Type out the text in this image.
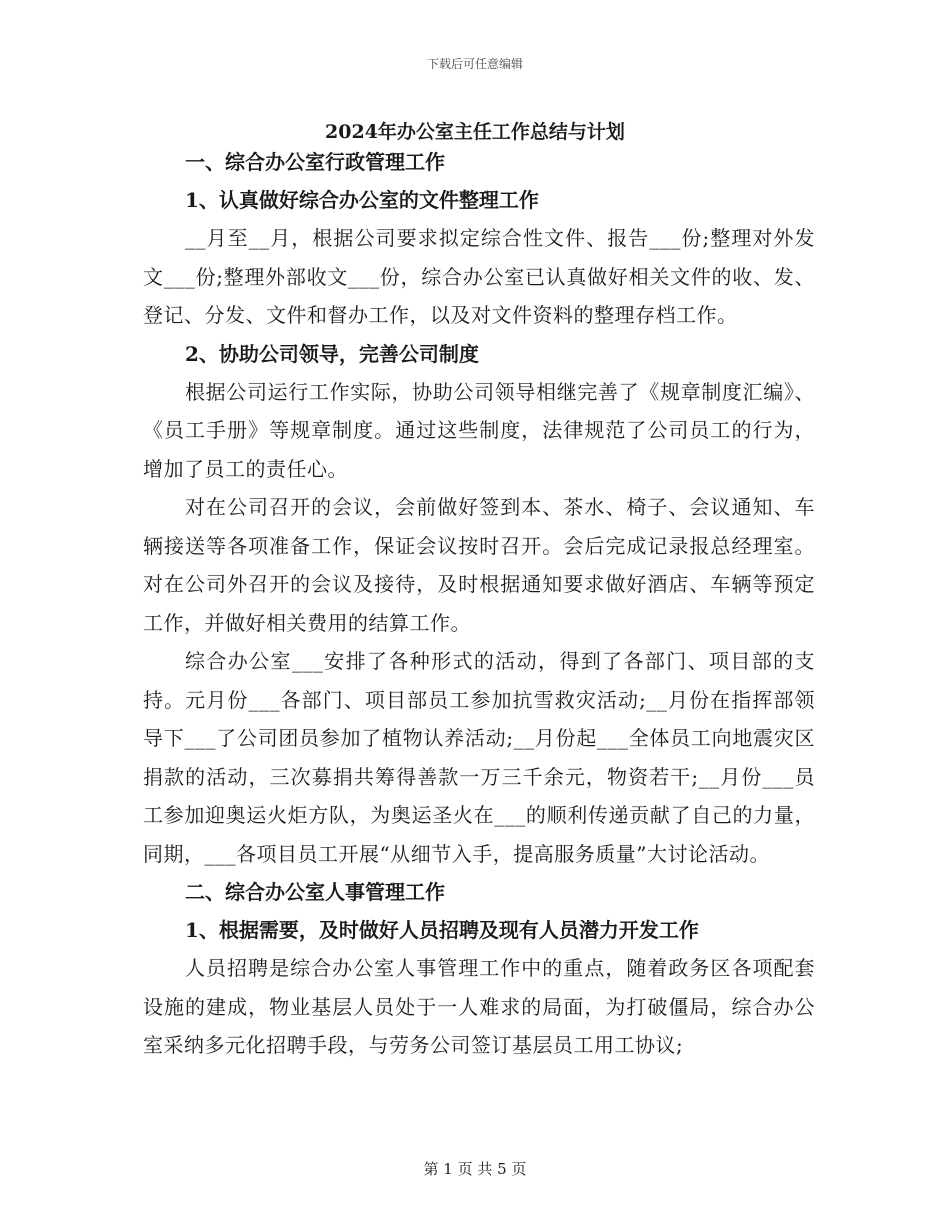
下载后可任意编辑
2024年办公室主任工作总结与计划
一、综合办公室行政管理工作
1、认真做好综合办公室的文件整理工作

__月至__月，根据公司要求拟定综合性文件、报告___份;整理对外发文___份;整理外部收文___份，综合办公室已认真做好相关文件的收、发、登记、分发、文件和督办工作，以及对文件资料的整理存档工作。

2、协助公司领导，完善公司制度

根据公司运行工作实际，协助公司领导相继完善了《规章制度汇编》、《员工手册》等规章制度。通过这些制度，法律规范了公司员工的行为，增加了员工的责任心。

对在公司召开的会议，会前做好签到本、茶水、椅子、会议通知、车辆接送等各项准备工作，保证会议按时召开。会后完成记录报总经理室。对在公司外召开的会议及接待，及时根据通知要求做好酒店、车辆等预定工作，并做好相关费用的结算工作。

综合办公室___安排了各种形式的活动，得到了各部门、项目部的支持。元月份___各部门、项目部员工参加抗雪救灾活动;__月份在指挥部领导下___了公司团员参加了植物认养活动;__月份起___全体员工向地震灾区捐款的活动，三次募捐共筹得善款一万三千余元，物资若干;__月份___员工参加迎奥运火炬方队，为奥运圣火在___的顺利传递贡献了自己的力量，同期，___各项目员工开展“从细节入手，提高服务质量”大讨论活动。

二、综合办公室人事管理工作
1、根据需要，及时做好人员招聘及现有人员潜力开发工作

人员招聘是综合办公室人事管理工作中的重点，随着政务区各项配套设施的建成，物业基层人员处于一人难求的局面，为打破僵局，综合办公室采纳多元化招聘手段，与劳务公司签订基层员工用工协议;

第 1 页 共 5 页
